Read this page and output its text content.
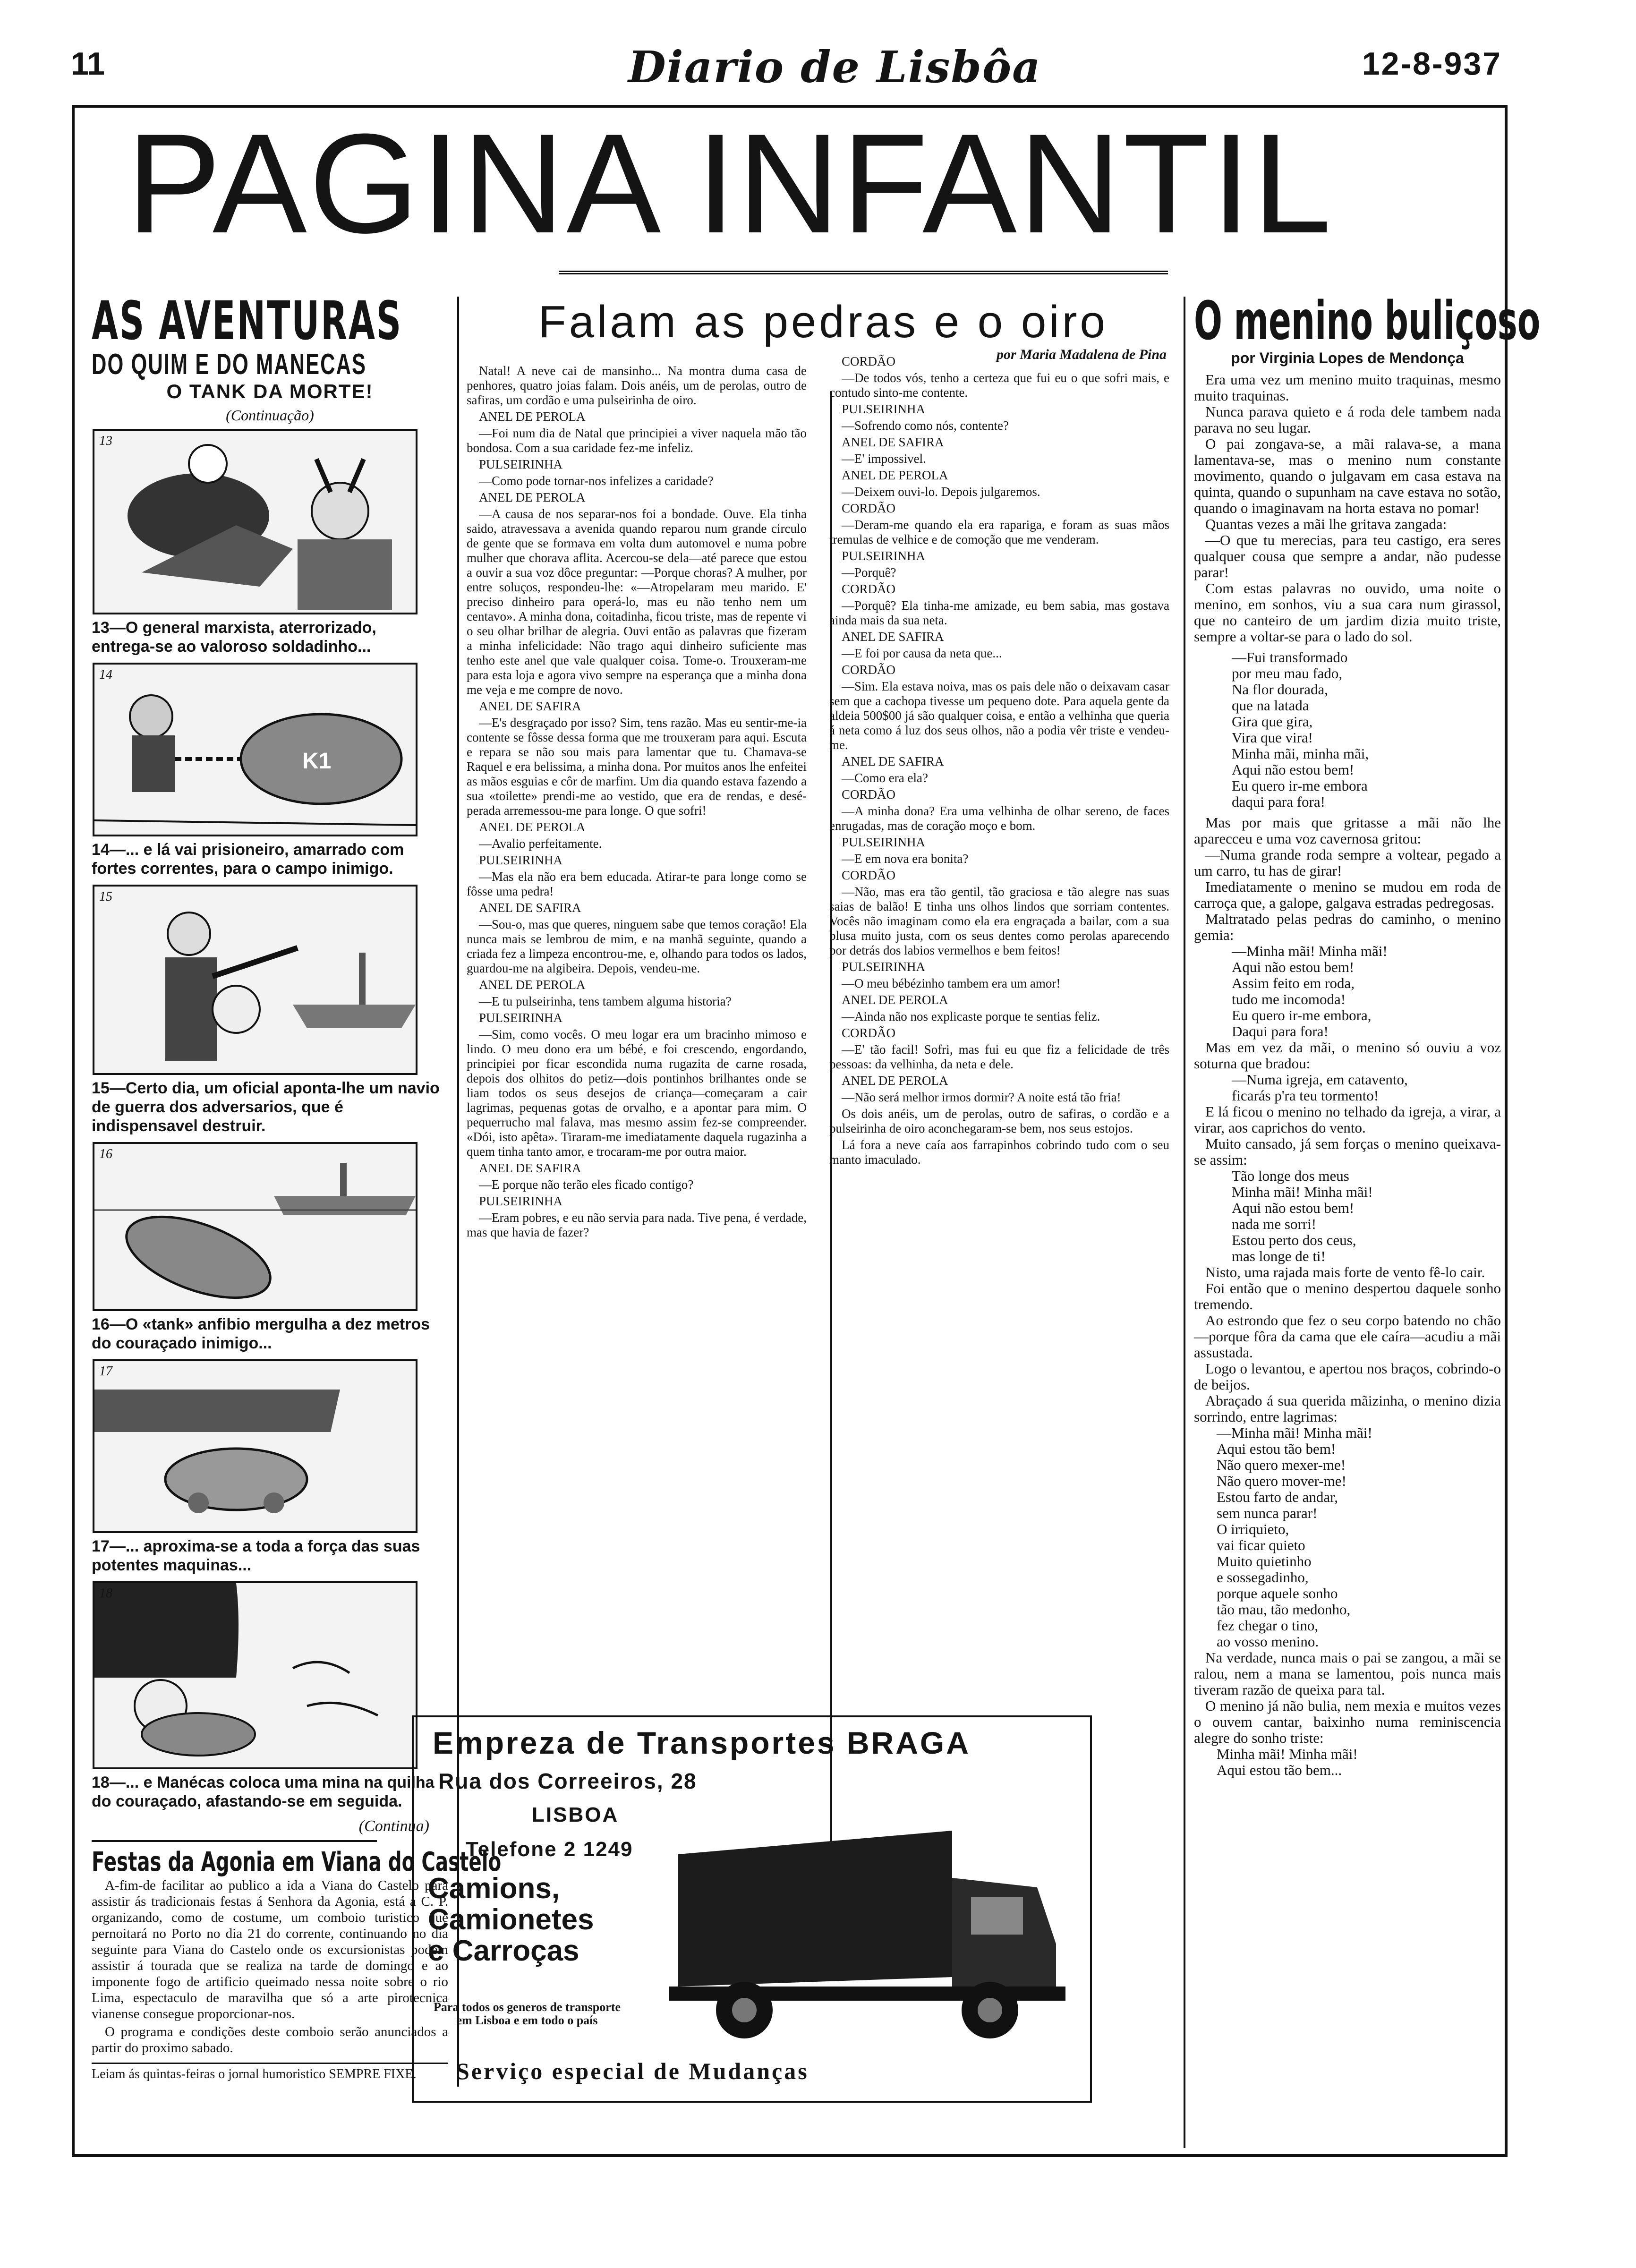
11	Diario de Lisbôa	12-8-937
PAGINA INFANTIL
AS AVENTURAS
DO QUIM E DO MANECAS
O TANK DA MORTE!
(Continuação)
13
13—O general marxista, aterrorizado, entrega-se ao valoroso soldadinho...
14
K1
14—... e lá vai prisioneiro, amarrado com fortes correntes, para o campo inimigo.
15
15—Certo dia, um oficial aponta-lhe um navio de guerra dos adversarios, que é indispensavel destruir.
16
16—O «tank» anfibio mergulha a dez metros do couraçado inimigo...
17
17—... aproxima-se a toda a força das suas potentes maquinas...
18
18—... e Manécas coloca uma mina na quilha do couraçado, afastando-se em seguida.
(Continua)
Festas da Agonia em Viana do Castelo

A-fim-de facilitar ao publico a ida a Viana do Castelo para assistir ás tradicionais festas á Senhora da Agonia, está a C. P. organizando, como de costume, um comboio turistico que pernoitará no Porto no dia 21 do corrente, continuando no dia seguinte para Viana do Castelo onde os excursionistas podem assistir á tourada que se realiza na tarde de domingo e ao imponente fogo de artificio queimado nessa noite sobre o rio Lima, espectaculo de maravilha que só a arte pirotecnica vianense consegue proporcionar-nos.

O programa e condições deste comboio serão anunciados a partir do proximo sabado.

Leiam ás quintas-feiras o jornal humoristico SEMPRE FIXE.
Falam as pedras e o oiro
por Maria Madalena de Pina

Natal! A neve cai de mansinho... Na montra duma casa de penhores, quatro joias falam. Dois anéis, um de perolas, outro de safiras, um cordão e uma pulseirinha de oiro.

ANEL DE PEROLA

—Foi num dia de Natal que principiei a viver naquela mão tão bondosa. Com a sua caridade fez-me infeliz.

PULSEIRINHA

—Como pode tornar-nos infelizes a caridade?

ANEL DE PEROLA

—A causa de nos separar-nos foi a bondade. Ouve. Ela tinha saido, atravessava a avenida quando reparou num grande circulo de gente que se formava em volta dum automovel e numa pobre mulher que chorava aflita. Acercou-se dela—até parece que estou a ouvir a sua voz dôce preguntar: —Porque choras? A mulher, por entre soluços, respondeu-lhe: «—Atropelaram meu marido. E' preciso dinheiro para operá-lo, mas eu não tenho nem um centavo». A minha dona, coitadinha, ficou triste, mas de repente vi o seu olhar brilhar de alegria. Ouvi então as palavras que fizeram a minha infelicidade: Não trago aqui dinheiro suficiente mas tenho este anel que vale qualquer coisa. Tome-o. Trouxeram-me para esta loja e agora vivo sempre na esperança que a minha dona me veja e me compre de novo.

ANEL DE SAFIRA

—E's desgraçado por isso? Sim, tens razão. Mas eu sentir-me-ia contente se fôsse dessa forma que me trouxeram para aqui. Escuta e repara se não sou mais para lamentar que tu. Chamava-se Raquel e era belissima, a minha dona. Por muitos anos lhe enfeitei as mãos esguias e côr de marfim. Um dia quando estava fazendo a sua «toilette» prendi-me ao vestido, que era de rendas, e desé-perada arremessou-me para longe. O que sofri!

ANEL DE PEROLA

—Avalio perfeitamente.

PULSEIRINHA

—Mas ela não era bem educada. Atirar-te para longe como se fôsse uma pedra!

ANEL DE SAFIRA

—Sou-o, mas que queres, ninguem sabe que temos coração! Ela nunca mais se lembrou de mim, e na manhã seguinte, quando a criada fez a limpeza encontrou-me, e, olhando para todos os lados, guardou-me na algibeira. Depois, vendeu-me.

ANEL DE PEROLA

—E tu pulseirinha, tens tambem alguma historia?

PULSEIRINHA

—Sim, como vocês. O meu logar era um bracinho mimoso e lindo. O meu dono era um bébé, e foi crescendo, engordando, principiei por ficar escondida numa rugazita de carne rosada, depois dos olhitos do petiz—dois pontinhos brilhantes onde se liam todos os seus desejos de criança—começaram a cair lagrimas, pequenas gotas de orvalho, e a apontar para mim. O pequerrucho mal falava, mas mesmo assim fez-se compreender. «Dói, isto apêta». Tiraram-me imediatamente daquela rugazinha a quem tinha tanto amor, e trocaram-me por outra maior.

ANEL DE SAFIRA

—E porque não terão eles ficado contigo?

PULSEIRINHA

—Eram pobres, e eu não servia para nada. Tive pena, é verdade, mas que havia de fazer?

CORDÃO

—De todos vós, tenho a certeza que fui eu o que sofri mais, e contudo sinto-me contente.

PULSEIRINHA

—Sofrendo como nós, contente?

ANEL DE SAFIRA

—E' impossivel.

ANEL DE PEROLA

—Deixem ouvi-lo. Depois julgaremos.

CORDÃO

—Deram-me quando ela era rapariga, e foram as suas mãos tremulas de velhice e de comoção que me venderam.

PULSEIRINHA

—Porquê?

CORDÃO

—Porquê? Ela tinha-me amizade, eu bem sabia, mas gostava ainda mais da sua neta.

ANEL DE SAFIRA

—E foi por causa da neta que...

CORDÃO

—Sim. Ela estava noiva, mas os pais dele não o deixavam casar sem que a cachopa tivesse um pequeno dote. Para aquela gente da aldeia 500$00 já são qualquer coisa, e então a velhinha que queria á neta como á luz dos seus olhos, não a podia vêr triste e vendeu-me.

ANEL DE SAFIRA

—Como era ela?

CORDÃO

—A minha dona? Era uma velhinha de olhar sereno, de faces enrugadas, mas de coração moço e bom.

PULSEIRINHA

—E em nova era bonita?

CORDÃO

—Não, mas era tão gentil, tão graciosa e tão alegre nas suas saias de balão! E tinha uns olhos lindos que sorriam contentes. Vocês não imaginam como ela era engraçada a bailar, com a sua blusa muito justa, com os seus dentes como perolas aparecendo por detrás dos labios vermelhos e bem feitos!

PULSEIRINHA

—O meu bébézinho tambem era um amor!

ANEL DE PEROLA

—Ainda não nos explicaste porque te sentias feliz.

CORDÃO

—E' tão facil! Sofri, mas fui eu que fiz a felicidade de três pessoas: da velhinha, da neta e dele.

ANEL DE PEROLA

—Não será melhor irmos dormir? A noite está tão fria!

Os dois anéis, um de perolas, outro de safiras, o cordão e a pulseirinha de oiro aconchegaram-se bem, nos seus estojos.

Lá fora a neve caía aos farrapinhos cobrindo tudo com o seu manto imaculado.

O menino buliçoso
por Virginia Lopes de Mendonça

Era uma vez um menino muito traquinas, mesmo muito traquinas.

Nunca parava quieto e á roda dele tambem nada parava no seu lugar.

O pai zongava-se, a mãi ralava-se, a mana lamentava-se, mas o menino num constante movimento, quando o julgavam em casa estava na quinta, quando o supunham na cave estava no sotão, quando o imaginavam na horta estava no pomar!

Quantas vezes a mãi lhe gritava zangada:

—O que tu merecias, para teu castigo, era seres qualquer cousa que sempre a andar, não pudesse parar!

Com estas palavras no ouvido, uma noite o menino, em sonhos, viu a sua cara num girassol, que no canteiro de um jardim dizia muito triste, sempre a voltar-se para o lado do sol.

—Fui transformado

por meu mau fado,

Na flor dourada,

que na latada

Gira que gira,

Vira que vira!

Minha mãi, minha mãi,

Aqui não estou bem!

Eu quero ir-me embora

daqui para fora!

Mas por mais que gritasse a mãi não lhe aparecceu e uma voz cavernosa gritou:

—Numa grande roda sempre a voltear, pegado a um carro, tu has de girar!

Imediatamente o menino se mudou em roda de carroça que, a galope, galgava estradas pedregosas.

Maltratado pelas pedras do caminho, o menino gemia:

—Minha mãi! Minha mãi!

Aqui não estou bem!

Assim feito em roda,

tudo me incomoda!

Eu quero ir-me embora,

Daqui para fora!

Mas em vez da mãi, o menino só ouviu a voz soturna que bradou:

—Numa igreja, em catavento,

ficarás p'ra teu tormento!

E lá ficou o menino no telhado da igreja, a virar, a virar, aos caprichos do vento.

Muito cansado, já sem forças o menino queixava-se assim:

Tão longe dos meus

Minha mãi! Minha mãi!

Aqui não estou bem!

nada me sorri!

Estou perto dos ceus,

mas longe de ti!

Nisto, uma rajada mais forte de vento fê-lo cair.

Foi então que o menino despertou daquele sonho tremendo.

Ao estrondo que fez o seu corpo batendo no chão—porque fôra da cama que ele caíra—acudiu a mãi assustada.

Logo o levantou, e apertou nos braços, cobrindo-o de beijos.

Abraçado á sua querida mãizinha, o menino dizia sorrindo, entre lagrimas:

—Minha mãi! Minha mãi!

Aqui estou tão bem!

Não quero mexer-me!

Não quero mover-me!

Estou farto de andar,

sem nunca parar!

O irriquieto,

vai ficar quieto

Muito quietinho

e sossegadinho,

porque aquele sonho

tão mau, tão medonho,

fez chegar o tino,

ao vosso menino.

Na verdade, nunca mais o pai se zangou, a mãi se ralou, nem a mana se lamentou, pois nunca mais tiveram razão de queixa para tal.

O menino já não bulia, nem mexia e muitos vezes o ouvem cantar, baixinho numa reminiscencia alegre do sonho triste:

Minha mãi! Minha mãi!

Aqui estou tão bem...

Empreza de Transportes BRAGA
Rua dos Correeiros, 28
LISBOA
Telefone 2 1249
Camions,
Camionetes
e Carroças
Para todos os generos de transporte em Lisboa e em todo o país
Serviço especial de Mudanças
